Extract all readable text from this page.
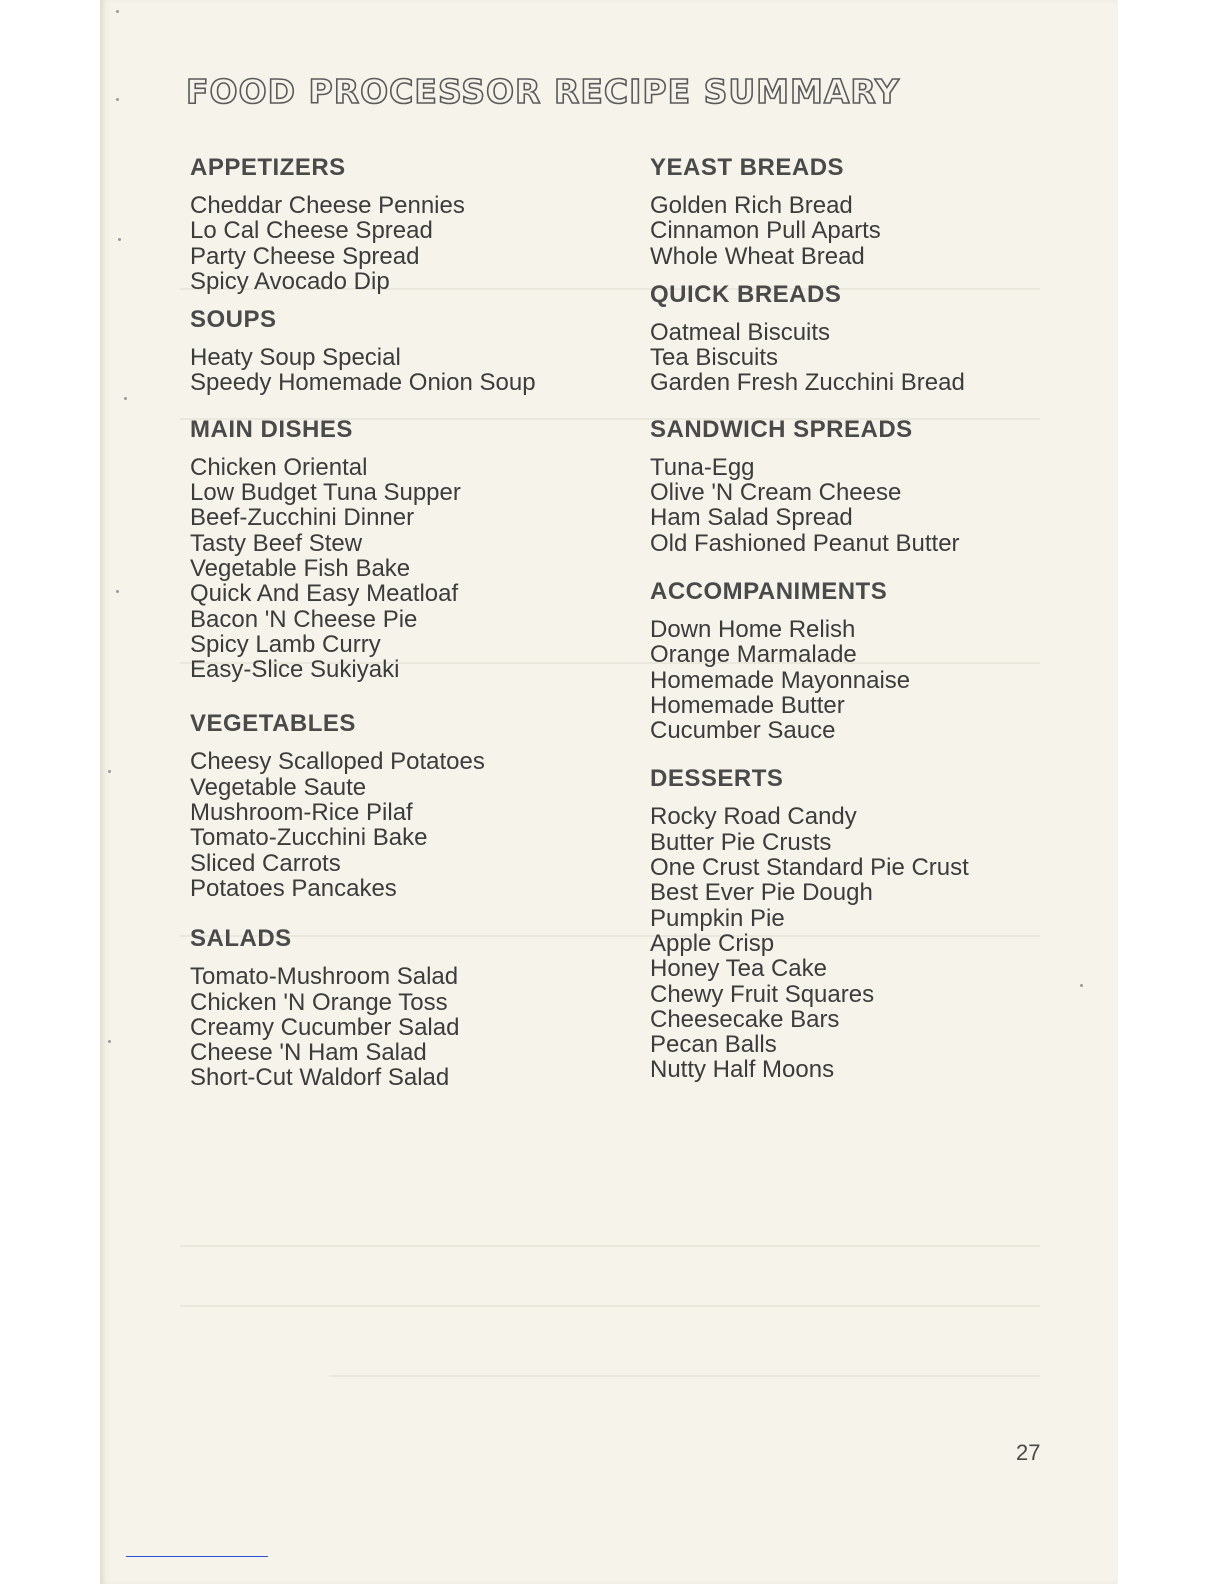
FOOD PROCESSOR RECIPE SUMMARY
APPETIZERS
Cheddar Cheese Pennies
Lo Cal Cheese Spread
Party Cheese Spread
Spicy Avocado Dip
SOUPS
Heaty Soup Special
Speedy Homemade Onion Soup
MAIN DISHES
Chicken Oriental
Low Budget Tuna Supper
Beef-Zucchini Dinner
Tasty Beef Stew
Vegetable Fish Bake
Quick And Easy Meatloaf
Bacon 'N Cheese Pie
Spicy Lamb Curry
Easy-Slice Sukiyaki
VEGETABLES
Cheesy Scalloped Potatoes
Vegetable Saute
Mushroom-Rice Pilaf
Tomato-Zucchini Bake
Sliced Carrots
Potatoes Pancakes
SALADS
Tomato-Mushroom Salad
Chicken 'N Orange Toss
Creamy Cucumber Salad
Cheese 'N Ham Salad
Short-Cut Waldorf Salad
YEAST BREADS
Golden Rich Bread
Cinnamon Pull Aparts
Whole Wheat Bread
QUICK BREADS
Oatmeal Biscuits
Tea Biscuits
Garden Fresh Zucchini Bread
SANDWICH SPREADS
Tuna-Egg
Olive 'N Cream Cheese
Ham Salad Spread
Old Fashioned Peanut Butter
ACCOMPANIMENTS
Down Home Relish
Orange Marmalade
Homemade Mayonnaise
Homemade Butter
Cucumber Sauce
DESSERTS
Rocky Road Candy
Butter Pie Crusts
One Crust Standard Pie Crust
Best Ever Pie Dough
Pumpkin Pie
Apple Crisp
Honey Tea Cake
Chewy Fruit Squares
Cheesecake Bars
Pecan Balls
Nutty Half Moons
27
